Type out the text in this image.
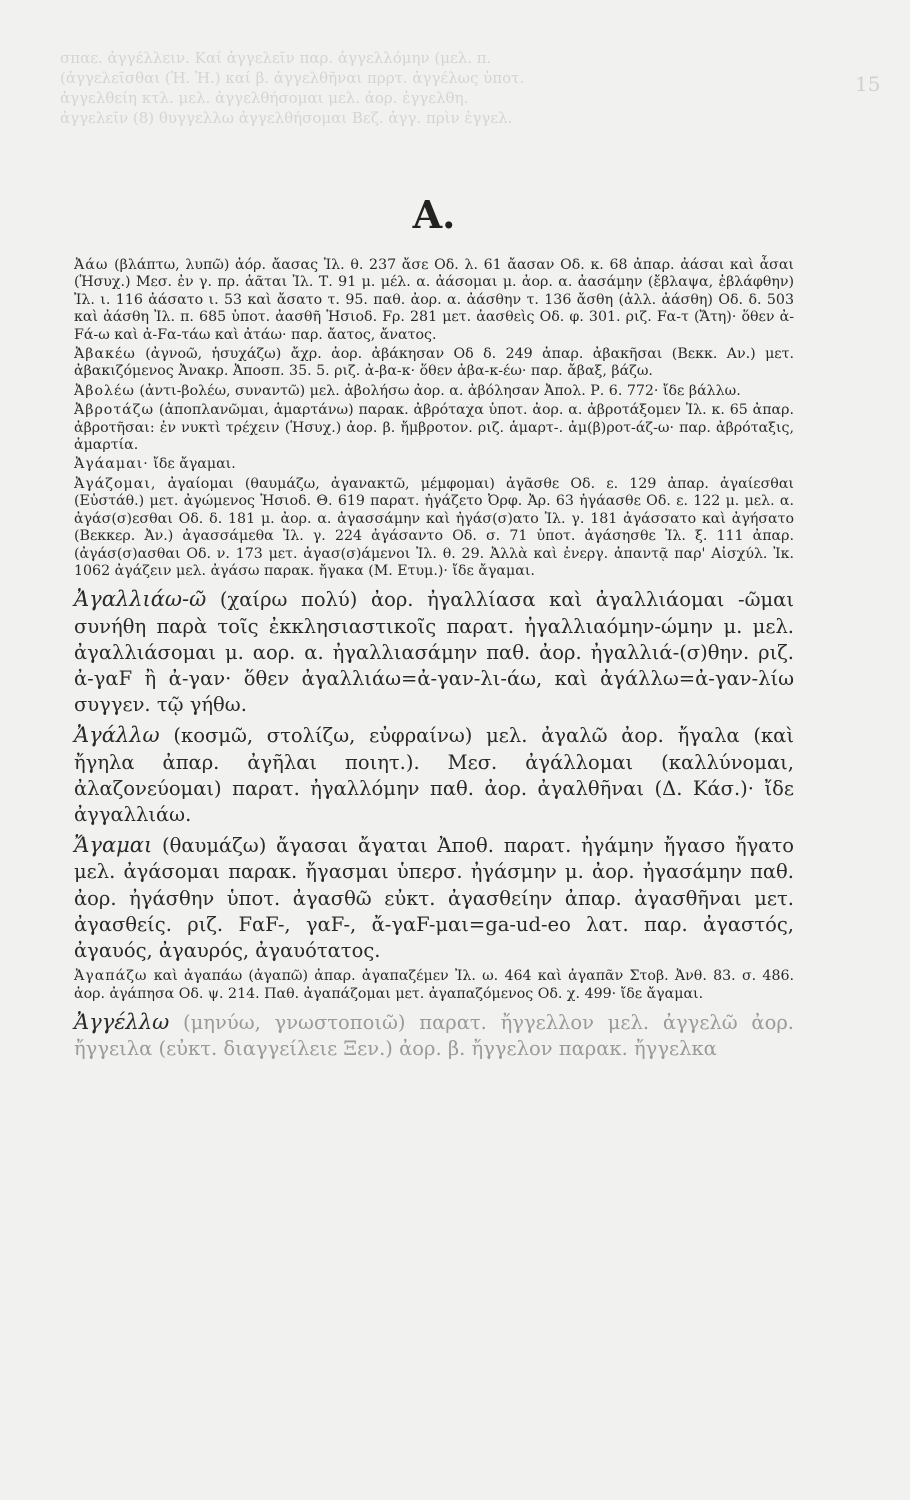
15
σπαε. ἀγγέλλειν. Καί ἀγγελεῖν παρ. ἀγγελλόμην (μελ. π.
(ἀγγελεῖσθαι (Ἡ. Ἡ.) καί β. ἀγγελθῆναι πρρτ. ἀγγέλως ὑποτ.
ἀγγελθείη κτλ. μελ. ἀγγελθήσομαι μελ. ἀορ. ἐγγελθη.
ἀγγελεῖν (8) θυγγελλω ἀγγελθήσομαι Βεζ. ἀγγ. πρὶν ἐγγελ.
Α.

Ἀάω (βλάπτω, λυπῶ) ἀόρ. ἄασας Ἰλ. θ. 237 ἄσε Οδ. λ. 61 ἄασαν Οδ. κ. 68 ἀπαρ. ἀάσαι καὶ ἆσαι (Ἡσυχ.) Μεσ. ἐν γ. πρ. ἀᾶται Ἰλ. Τ. 91 μ. μέλ. α. ἀάσομαι μ. ἀορ. α. ἀασάμην (ἔβλαψα, ἐβλάφθην) Ἰλ. ι. 116 ἀάσατο ι. 53 καὶ ἄσατο τ. 95. παθ. ἀορ. α. ἀάσθην τ. 136 ἄσθη (ἀλλ. ἀάσθη) Οδ. δ. 503 καὶ ἀάσθη Ἰλ. π. 685 ὑποτ. ἀασθῆ Ἡσιοδ. Fρ. 281 μετ. ἀασθεὶς Οδ. φ. 301. ριζ. Fα-τ (Ἄτη)· ὅθεν ἀ-Fά-ω καὶ ἀ-Fα-τάω καὶ ἀτάω· παρ. ἄατος, ἄνατος.

Ἀβακέω (ἀγνοῶ, ἡσυχάζω) ἄχρ. ἀορ. ἀβάκησαν Οδ δ. 249 ἀπαρ. ἀβακῆσαι (Βεκκ. Αν.) μετ. ἀβακιζόμενος Ἀνακρ. Ἀποσπ. 35. 5. ριζ. ἀ-βα-κ· ὅθεν ἀβα-κ-έω· παρ. ἄβαξ, βάζω.

Ἀβολέω (ἀντι-βολέω, συναντῶ) μελ. ἀβολήσω ἀορ. α. ἀβόλησαν Ἀπολ. Ρ. 6. 772· ἴδε βάλλω.

Ἀβροτάζω (ἀποπλανῶμαι, ἁμαρτάνω) παρακ. ἀβρόταχα ὑποτ. ἀορ. α. ἀβροτάξομεν Ἰλ. κ. 65 ἀπαρ. ἀβροτῆσαι: ἐν νυκτὶ τρέχειν (Ἡσυχ.) ἀορ. β. ἤμβροτον. ριζ. ἁμαρτ-. ἀμ(β)ροτ-άζ-ω· παρ. ἀβρόταξις, ἁμαρτία.

Ἀγάαμαι· ἴδε ἄγαμαι.

Ἀγάζομαι, ἀγαίομαι (θαυμάζω, ἀγανακτῶ, μέμφομαι) ἀγᾶσθε Οδ. ε. 129 ἀπαρ. ἀγαίεσθαι (Εὐστάθ.) μετ. ἀγώμενος Ἡσιοδ. Θ. 619 παρατ. ἠγάζετο Ὀρφ. Ἀρ. 63 ἠγάασθε Οδ. ε. 122 μ. μελ. α. ἀγάσ(σ)εσθαι Οδ. δ. 181 μ. ἀορ. α. ἀγασσάμην καὶ ἠγάσ(σ)ατο Ἰλ. γ. 181 ἀγάσσατο καὶ ἀγήσατο (Βεκκερ. Ἀν.) ἀγασσάμεθα Ἰλ. γ. 224 ἀγάσαντο Οδ. σ. 71 ὑποτ. ἀγάσησθε Ἰλ. ξ. 111 ἀπαρ. (ἀγάσ(σ)ασθαι Οδ. ν. 173 μετ. ἀγασ(σ)άμενοι Ἰλ. θ. 29. Ἀλλὰ καὶ ἐνεργ. ἀπαντᾷ παρ' Αἰσχύλ. Ἰκ. 1062 ἀγάζειν μελ. ἀγάσω παρακ. ἤγακα (Μ. Ετυμ.)· ἴδε ἄγαμαι.

Ἀγαλλιάω-ῶ (χαίρω πολύ) ἀορ. ἠγαλλίασα καὶ ἀγαλλιάομαι -ῶμαι συνήθη παρὰ τοῖς ἐκκλησιαστικοῖς παρατ. ἠγαλλιαόμην-ώμην μ. μελ. ἀγαλλιάσομαι μ. αορ. α. ἠγαλλιασάμην παθ. ἀορ. ἠγαλλιά-(σ)θην. ριζ. ἀ-γαF ἢ ἀ-γαν· ὅθεν ἀγαλλιάω=ἀ-γαν-λι-άω, καὶ ἀγάλλω=ἀ-γαν-λίω συγγεν. τῷ γήθω.

Ἀγάλλω (κοσμῶ, στολίζω, εὐφραίνω) μελ. ἀγαλῶ ἀορ. ἤγαλα (καὶ ἤγηλα ἀπαρ. ἀγῆλαι ποιητ.). Μεσ. ἀγάλλομαι (καλλύνομαι, ἀλαζονεύομαι) παρατ. ἠγαλλόμην παθ. ἀορ. ἀγαλθῆναι (Δ. Κάσ.)· ἴδε ἀγγαλλιάω.

Ἄγαμαι (θαυμάζω) ἄγασαι ἄγαται Ἀποθ. παρατ. ἠγάμην ἤγασο ἤγατο μελ. ἀγάσομαι παρακ. ἤγασμαι ὑπερσ. ἠγάσμην μ. ἀορ. ἠγασάμην παθ. ἀορ. ἠγάσθην ὑποτ. ἀγασθῶ εὐκτ. ἀγασθείην ἀπαρ. ἀγασθῆναι μετ. ἀγασθείς. ριζ. FαF-, γαF-, ἄ-γαF-μαι=ga-ud-eo λατ. παρ. ἀγαστός, ἀγαυός, ἀγαυρός, ἀγαυότατος.

Ἀγαπάζω καὶ ἀγαπάω (ἀγαπῶ) ἀπαρ. ἀγαπαζέμεν Ἰλ. ω. 464 καὶ ἀγαπᾶν Στοβ. Ἀνθ. 83. σ. 486. ἀορ. ἀγάπησα Οδ. ψ. 214. Παθ. ἀγαπάζομαι μετ. ἀγαπαζόμενος Οδ. χ. 499· ἴδε ἄγαμαι.

Ἀγγέλλω (μηνύω, γνωστοποιῶ) παρατ. ἤγγελλον μελ. ἀγγελῶ ἀορ. ἤγγειλα (εὐκτ. διαγγείλειε Ξεν.) ἀορ. β. ἤγγελον παρακ. ἤγγελκα
